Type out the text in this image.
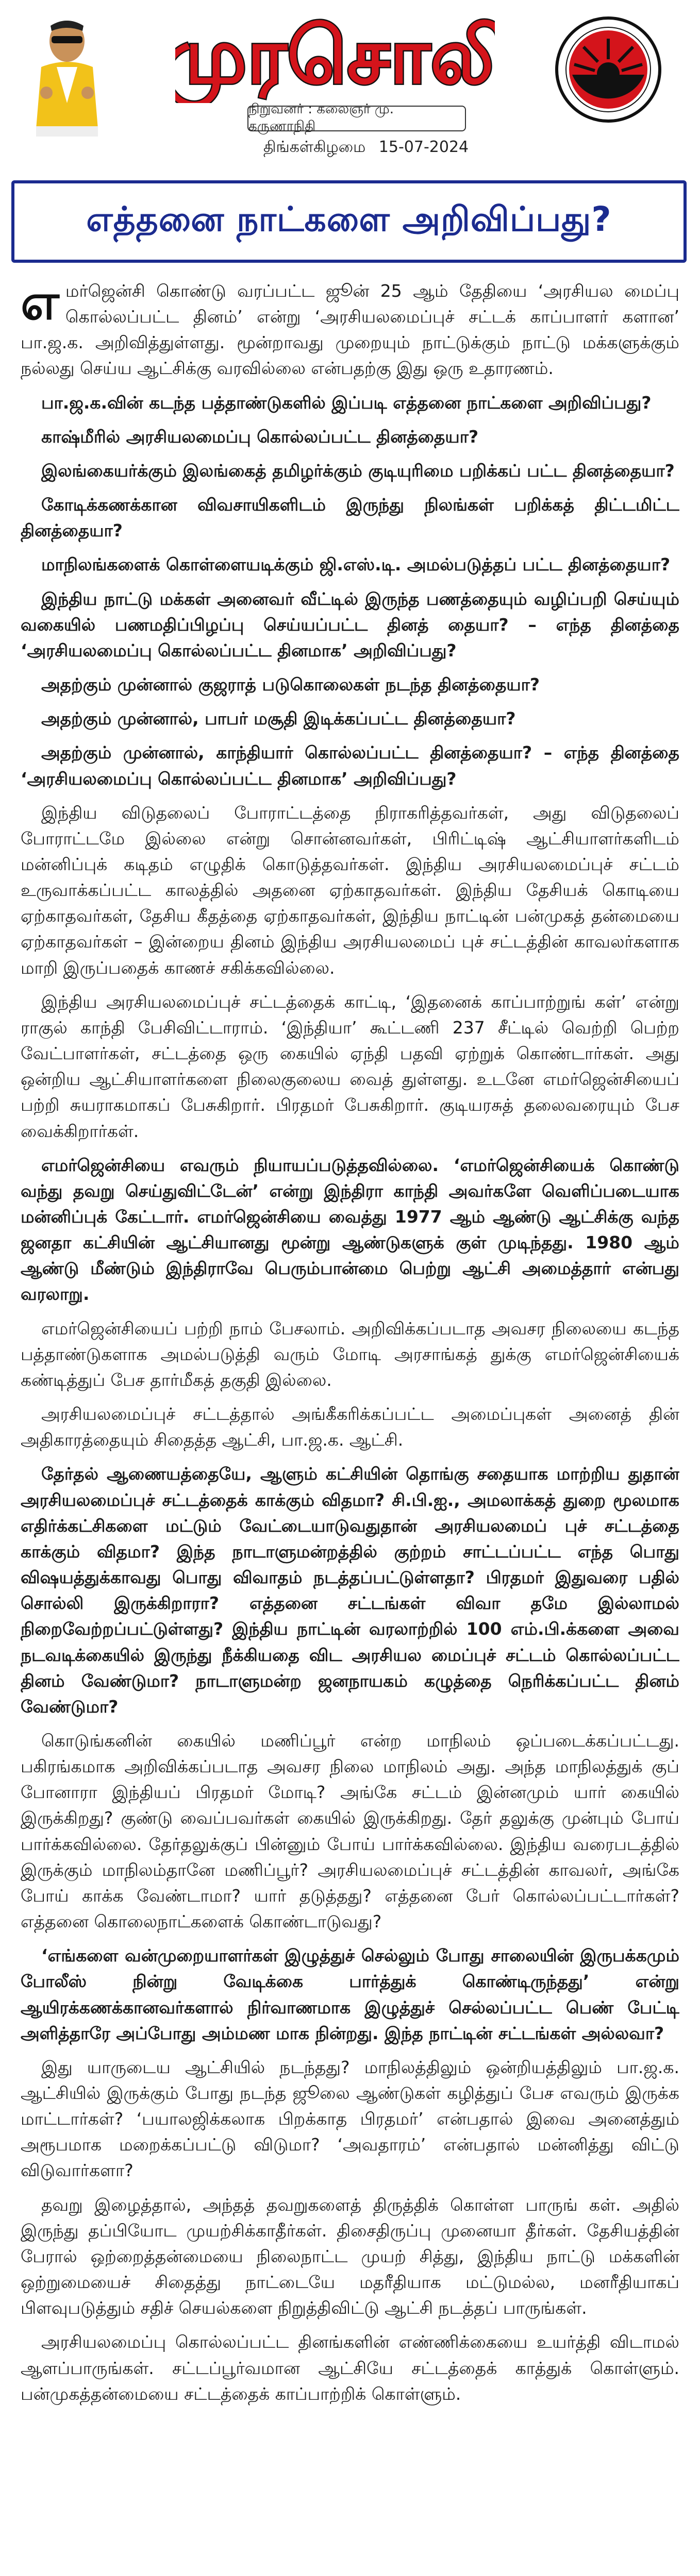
முரசொலி
நிறுவனர் : கலைஞர் மு. கருணாநிதி
திங்கள்கிழமை 15-07-2024
எத்தனை நாட்களை அறிவிப்பது?

எமர்ஜென்சி கொண்டு வரப்பட்ட ஜூன் 25 ஆம் தேதியை ‘அரசியல மைப்பு கொல்லப்பட்ட தினம்’ என்று ‘அரசியலமைப்புச் சட்டக் காப்பாளர் களான’ பா.ஜ.க. அறிவித்துள்ளது. மூன்றாவது முறையும் நாட்டுக்கும் நாட்டு மக்களுக்கும் நல்லது செய்ய ஆட்சிக்கு வரவில்லை என்பதற்கு இது ஒரு உதாரணம்.

பா.ஜ.க.வின் கடந்த பத்தாண்டுகளில் இப்படி எத்தனை நாட்களை அறிவிப்பது?

காஷ்மீரில் அரசியலமைப்பு கொல்லப்பட்ட தினத்தையா?

இலங்கையர்க்கும் இலங்கைத் தமிழர்க்கும் குடியுரிமை பறிக்கப் பட்ட தினத்தையா?

கோடிக்கணக்கான விவசாயிகளிடம் இருந்து நிலங்கள் பறிக்கத் திட்டமிட்ட தினத்தையா?

மாநிலங்களைக் கொள்ளையடிக்கும் ஜி.எஸ்.டி. அமல்படுத்தப் பட்ட தினத்தையா?

இந்திய நாட்டு மக்கள் அனைவர் வீட்டில் இருந்த பணத்தையும் வழிப்பறி செய்யும் வகையில் பணமதிப்பிழப்பு செய்யப்பட்ட தினத் தையா? – எந்த தினத்தை ‘அரசியலமைப்பு கொல்லப்பட்ட தினமாக’ அறிவிப்பது?

அதற்கும் முன்னால் குஜராத் படுகொலைகள் நடந்த தினத்தையா?

அதற்கும் முன்னால், பாபர் மசூதி இடிக்கப்பட்ட தினத்தையா?

அதற்கும் முன்னால், காந்தியார் கொல்லப்பட்ட தினத்தையா? – எந்த தினத்தை ‘அரசியலமைப்பு கொல்லப்பட்ட தினமாக’ அறிவிப்பது?

இந்திய விடுதலைப் போராட்டத்தை நிராகரித்தவர்கள், அது விடுதலைப் போராட்டமே இல்லை என்று சொன்னவர்கள், பிரிட்டிஷ் ஆட்சியாளர்களிடம் மன்னிப்புக் கடிதம் எழுதிக் கொடுத்தவர்கள். இந்திய அரசியலமைப்புச் சட்டம் உருவாக்கப்பட்ட காலத்தில் அதனை ஏற்காதவர்கள். இந்திய தேசியக் கொடியை ஏற்காதவர்கள், தேசிய கீதத்தை ஏற்காதவர்கள், இந்திய நாட்டின் பன்முகத் தன்மையை ஏற்காதவர்கள் – இன்றைய தினம் இந்திய அரசியலமைப் புச் சட்டத்தின் காவலர்களாக மாறி இருப்பதைக் காணச் சகிக்கவில்லை.

இந்திய அரசியலமைப்புச் சட்டத்தைக் காட்டி, ‘இதனைக் காப்பாற்றுங் கள்’ என்று ராகுல் காந்தி பேசிவிட்டாராம். ‘இந்தியா’ கூட்டணி 237 சீட்டில் வெற்றி பெற்ற வேட்பாளர்கள், சட்டத்தை ஒரு கையில் ஏந்தி பதவி ஏற்றுக் கொண்டார்கள். அது ஒன்றிய ஆட்சியாளர்களை நிலைகுலைய வைத் துள்ளது. உடனே எமர்ஜென்சியைப் பற்றி சுயராகமாகப் பேசுகிறார். பிரதமர் பேசுகிறார். குடியரசுத் தலைவரையும் பேச வைக்கிறார்கள்.

எமர்ஜென்சியை எவரும் நியாயப்படுத்தவில்லை. ‘எமர்ஜென்சியைக் கொண்டு வந்து தவறு செய்துவிட்டேன்’ என்று இந்திரா காந்தி அவர்களே வெளிப்படையாக மன்னிப்புக் கேட்டார். எமர்ஜென்சியை வைத்து 1977 ஆம் ஆண்டு ஆட்சிக்கு வந்த ஜனதா கட்சியின் ஆட்சியானது மூன்று ஆண்டுகளுக் குள் முடிந்தது. 1980 ஆம் ஆண்டு மீண்டும் இந்திராவே பெரும்பான்மை பெற்று ஆட்சி அமைத்தார் என்பது வரலாறு.

எமர்ஜென்சியைப் பற்றி நாம் பேசலாம். அறிவிக்கப்படாத அவசர நிலையை கடந்த பத்தாண்டுகளாக அமல்படுத்தி வரும் மோடி அரசாங்கத் துக்கு எமர்ஜென்சியைக் கண்டித்துப் பேச தார்மீகத் தகுதி இல்லை.

அரசியலமைப்புச் சட்டத்தால் அங்கீகரிக்கப்பட்ட அமைப்புகள் அனைத் தின் அதிகாரத்தையும் சிதைத்த ஆட்சி, பா.ஜ.க. ஆட்சி.

தேர்தல் ஆணையத்தையே, ஆளும் கட்சியின் தொங்கு சதையாக மாற்றிய துதான் அரசியலமைப்புச் சட்டத்தைக் காக்கும் விதமா? சி.பி.ஐ., அமலாக்கத் துறை மூலமாக எதிர்க்கட்சிகளை மட்டும் வேட்டையாடுவதுதான் அரசியலமைப் புச் சட்டத்தை காக்கும் விதமா? இந்த நாடாளுமன்றத்தில் குற்றம் சாட்டப்பட்ட எந்த பொது விஷயத்துக்காவது பொது விவாதம் நடத்தப்பட்டுள்ளதா? பிரதமர் இதுவரை பதில் சொல்லி இருக்கிறாரா? எத்தனை சட்டங்கள் விவா தமே இல்லாமல் நிறைவேற்றப்பட்டுள்ளது? இந்திய நாட்டின் வரலாற்றில் 100 எம்.பி.க்களை அவை நடவடிக்கையில் இருந்து நீக்கியதை விட அரசியல மைப்புச் சட்டம் கொல்லப்பட்ட தினம் வேண்டுமா? நாடாளுமன்ற ஜனநாயகம் கழுத்தை நெரிக்கப்பட்ட தினம் வேண்டுமா?

கொடுங்கனின் கையில் மணிப்பூர் என்ற மாநிலம் ஒப்படைக்கப்பட்டது. பகிரங்கமாக அறிவிக்கப்படாத அவசர நிலை மாநிலம் அது. அந்த மாநிலத்துக் குப் போனாரா இந்தியப் பிரதமர் மோடி? அங்கே சட்டம் இன்னமும் யார் கையில் இருக்கிறது? குண்டு வைப்பவர்கள் கையில் இருக்கிறது. தேர் தலுக்கு முன்பும் போய் பார்க்கவில்லை. தேர்தலுக்குப் பின்னும் போய் பார்க்கவில்லை. இந்திய வரைபடத்தில் இருக்கும் மாநிலம்தானே மணிப்பூர்? அரசியலமைப்புச் சட்டத்தின் காவலர், அங்கே போய் காக்க வேண்டாமா? யார் தடுத்தது? எத்தனை பேர் கொல்லப்பட்டார்கள்? எத்தனை கொலைநாட்களைக் கொண்டாடுவது?

‘எங்களை வன்முறையாளர்கள் இழுத்துச் செல்லும் போது சாலையின் இருபக்கமும் போலீஸ் நின்று வேடிக்கை பார்த்துக் கொண்டிருந்தது’ என்று ஆயிரக்கணக்கானவர்களால் நிர்வாணமாக இழுத்துச் செல்லப்பட்ட பெண் பேட்டி அளித்தாரே அப்போது அம்மண மாக நின்றது. இந்த நாட்டின் சட்டங்கள் அல்லவா?

இது யாருடைய ஆட்சியில் நடந்தது? மாநிலத்திலும் ஒன்றியத்திலும் பா.ஜ.க. ஆட்சியில் இருக்கும் போது நடந்த ஜூலை ஆண்டுகள் கழித்துப் பேச எவரும் இருக்க மாட்டார்கள்? ‘பயாலஜிக்கலாக பிறக்காத பிரதமர்’ என்பதால் இவை அனைத்தும் அரூபமாக மறைக்கப்பட்டு விடுமா? ‘அவதாரம்’ என்பதால் மன்னித்து விட்டு விடுவார்களா?

தவறு இழைத்தால், அந்தத் தவறுகளைத் திருத்திக் கொள்ள பாருங் கள். அதில் இருந்து தப்பியோட முயற்சிக்காதீர்கள். திசைதிருப்பு முனையா தீர்கள். தேசியத்தின் பேரால் ஒற்றைத்தன்மையை நிலைநாட்ட முயற் சித்து, இந்திய நாட்டு மக்களின் ஒற்றுமையைச் சிதைத்து நாட்டையே மதரீதியாக மட்டுமல்ல, மனரீதியாகப் பிளவுபடுத்தும் சதிச் செயல்களை நிறுத்திவிட்டு ஆட்சி நடத்தப் பாருங்கள்.

அரசியலமைப்பு கொல்லப்பட்ட தினங்களின் எண்ணிக்கையை உயர்த்தி விடாமல் ஆளப்பாருங்கள். சட்டப்பூர்வமான ஆட்சியே சட்டத்தைக் காத்துக் கொள்ளும். பன்முகத்தன்மையை சட்டத்தைக் காப்பாற்றிக் கொள்ளும்.
